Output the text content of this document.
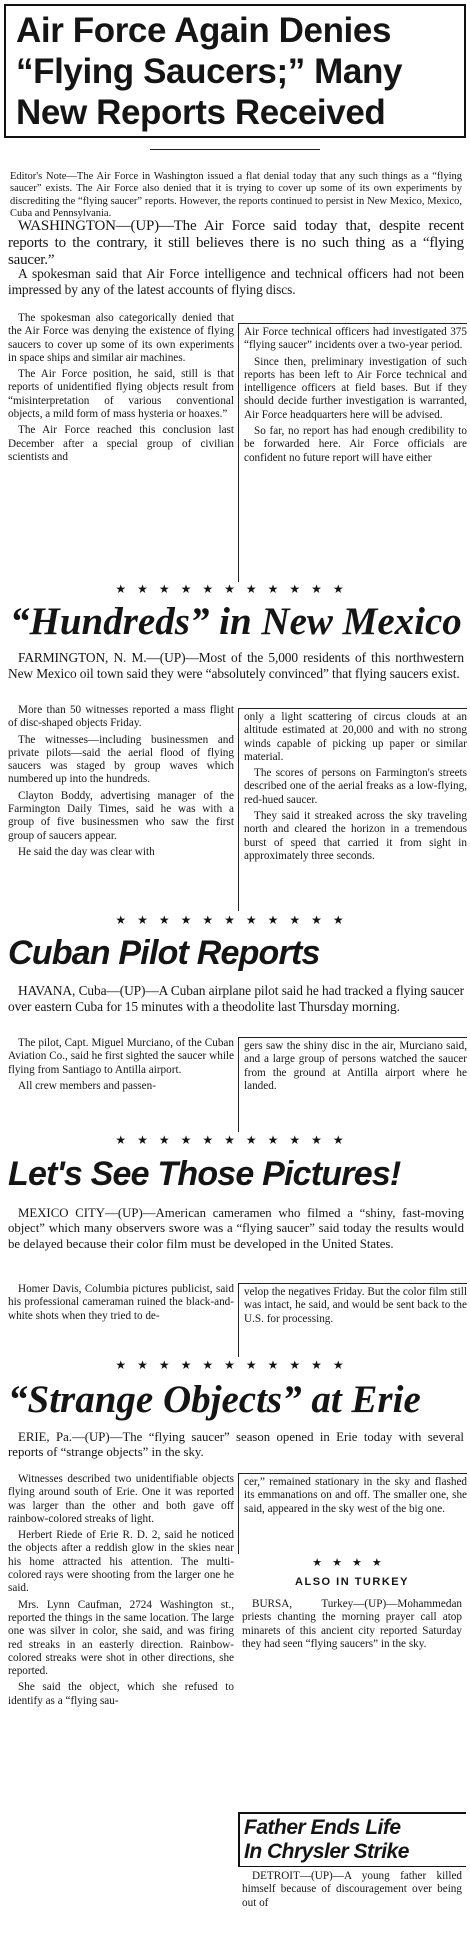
Air Force Again Denies
“Flying Saucers;” Many
New Reports Received

Editor's Note—The Air Force in Washington issued a flat denial today that any such things as a “flying saucer” exists. The Air Force also denied that it is trying to cover up some of its own experiments by discrediting the “flying saucer” reports. However, the reports continued to persist in New Mexico, Mexico, Cuba and Pennsylvania.

WASHINGTON—(UP)—The Air Force said today that, despite recent reports to the contrary, it still believes there is no such thing as a “flying saucer.”

A spokesman said that Air Force intelligence and technical officers had not been impressed by any of the latest accounts of flying discs.

The spokesman also categorically denied that the Air Force was denying the existence of flying saucers to cover up some of its own experiments in space ships and similar air machines.

The Air Force position, he said, still is that reports of unidentified flying objects result from “misinterpretation of various conventional objects, a mild form of mass hysteria or hoaxes.”

The Air Force reached this conclusion last December after a special group of civilian scientists and

Air Force technical officers had investigated 375 “flying saucer” incidents over a two-year period.

Since then, preliminary investigation of such reports has been left to Air Force technical and intelligence officers at field bases. But if they should decide further investigation is warranted, Air Force headquarters here will be advised.

So far, no report has had enough credibility to be forwarded here. Air Force officials are confident no future report will have either

★★★★★★★★★★★
“Hundreds” in New Mexico

FARMINGTON, N. M.—(UP)—Most of the 5,000 residents of this northwestern New Mexico oil town said they were “absolutely convinced” that flying saucers exist.

More than 50 witnesses reported a mass flight of disc-shaped objects Friday.

The witnesses—including businessmen and private pilots—said the aerial flood of flying saucers was staged by group waves which numbered up into the hundreds.

Clayton Boddy, advertising manager of the Farmington Daily Times, said he was with a group of five businessmen who saw the first group of saucers appear.

He said the day was clear with

only a light scattering of circus clouds at an altitude estimated at 20,000 and with no strong winds capable of picking up paper or similar material.

The scores of persons on Farmington's streets described one of the aerial freaks as a low-flying, red-hued saucer.

They said it streaked across the sky traveling north and cleared the horizon in a tremendous burst of speed that carried it from sight in approximately three seconds.

★★★★★★★★★★★
Cuban Pilot Reports

HAVANA, Cuba—(UP)—A Cuban airplane pilot said he had tracked a flying saucer over eastern Cuba for 15 minutes with a theodolite last Thursday morning.

The pilot, Capt. Miguel Murciano, of the Cuban Aviation Co., said he first sighted the saucer while flying from Santiago to Antilla airport.

All crew members and passen-

gers saw the shiny disc in the air, Murciano said, and a large group of persons watched the saucer from the ground at Antilla airport where he landed.

★★★★★★★★★★★
Let's See Those Pictures!

MEXICO CITY—(UP)—American cameramen who filmed a “shiny, fast-moving object” which many observers swore was a “flying saucer” said today the results would be delayed because their color film must be developed in the United States.

Homer Davis, Columbia pictures publicist, said his professional cameraman ruined the black-and-white shots when they tried to de-

velop the negatives Friday. But the color film still was intact, he said, and would be sent back to the U.S. for processing.

★★★★★★★★★★★
“Strange Objects” at Erie

ERIE, Pa.—(UP)—The “flying saucer” season opened in Erie today with several reports of “strange objects” in the sky.

Witnesses described two unidentifiable objects flying around south of Erie. One it was reported was larger than the other and both gave off rainbow-colored streaks of light.

Herbert Riede of Erie R. D. 2, said he noticed the objects after a reddish glow in the skies near his home attracted his attention. The multi-colored rays were shooting from the larger one he said.

Mrs. Lynn Caufman, 2724 Washington st., reported the things in the same location. The large one was silver in color, she said, and was firing red streaks in an easterly direction. Rainbow-colored streaks were shot in other directions, she reported.

She said the object, which she refused to identify as a “flying sau-

cer,” remained stationary in the sky and flashed its emmanations on and off. The smaller one, she said, appeared in the sky west of the big one.

★★★★
ALSO IN TURKEY

BURSA, Turkey—(UP)—Mohammedan priests chanting the morning prayer call atop minarets of this ancient city reported Saturday they had seen “flying saucers” in the sky.

Father Ends Life
In Chrysler Strike

DETROIT—(UP)—A young father killed himself because of discouragement over being out of
